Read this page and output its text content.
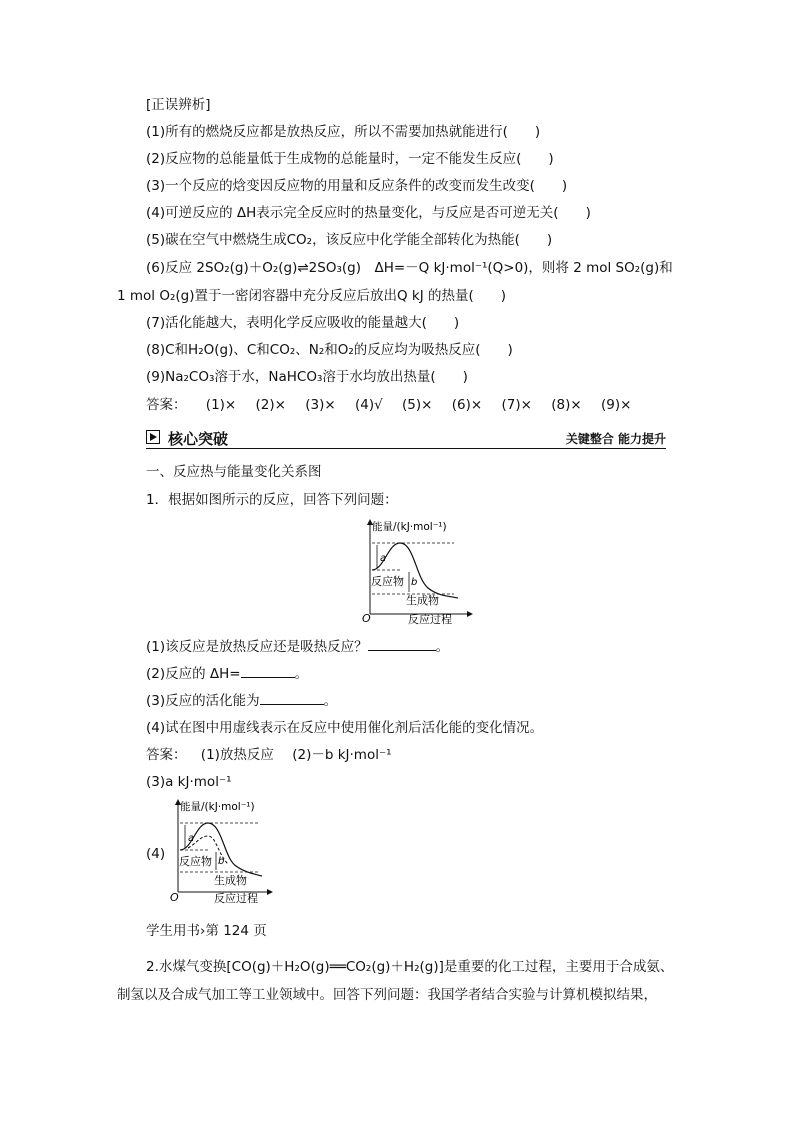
[正误辨析]
(1)所有的燃烧反应都是放热反应，所以不需要加热就能进行(　　)
(2)反应物的总能量低于生成物的总能量时，一定不能发生反应(　　)
(3)一个反应的焓变因反应物的用量和反应条件的改变而发生改变(　　)
(4)可逆反应的 ΔH表示完全反应时的热量变化，与反应是否可逆无关(　　)
(5)碳在空气中燃烧生成CO₂，该反应中化学能全部转化为热能(　　)
(6)反应 2SO₂(g)＋O₂(g)⇌2SO₃(g)　ΔH=－Q kJ·mol⁻¹(Q>0)，则将 2 mol SO₂(g)和
1 mol O₂(g)置于一密闭容器中充分反应后放出Q kJ 的热量(　　)
(7)活化能越大，表明化学反应吸收的能量越大(　　)
(8)C和H₂O(g)、C和CO₂、N₂和O₂的反应均为吸热反应(　　)
(9)Na₂CO₃溶于水，NaHCO₃溶于水均放出热量(　　)
答案： (1)× (2)× (3)× (4)√ (5)× (6)× (7)× (8)× (9)×
核心突破	关键整合 能力提升
一、反应热与能量变化关系图
1．根据如图所示的反应，回答下列问题：
能量/(kJ·mol⁻¹)
a
b
反应物
生成物
O	反应过程
(1)该反应是放热反应还是吸热反应？	。
(2)反应的 ΔH=	。
(3)反应的活化能为	。
(4)试在图中用虚线表示在反应中使用催化剂后活化能的变化情况。
答案： (1)放热反应 (2)－b kJ·mol⁻¹
(3)a kJ·mol⁻¹
(4)
能量/(kJ·mol⁻¹)
a
b
反应物
生成物
O	反应过程
学生用书›第 124 页
2.水煤气变换[CO(g)＋H₂O(g)══CO₂(g)＋H₂(g)]是重要的化工过程，主要用于合成氨、
制氢以及合成气加工等工业领域中。回答下列问题：我国学者结合实验与计算机模拟结果，
